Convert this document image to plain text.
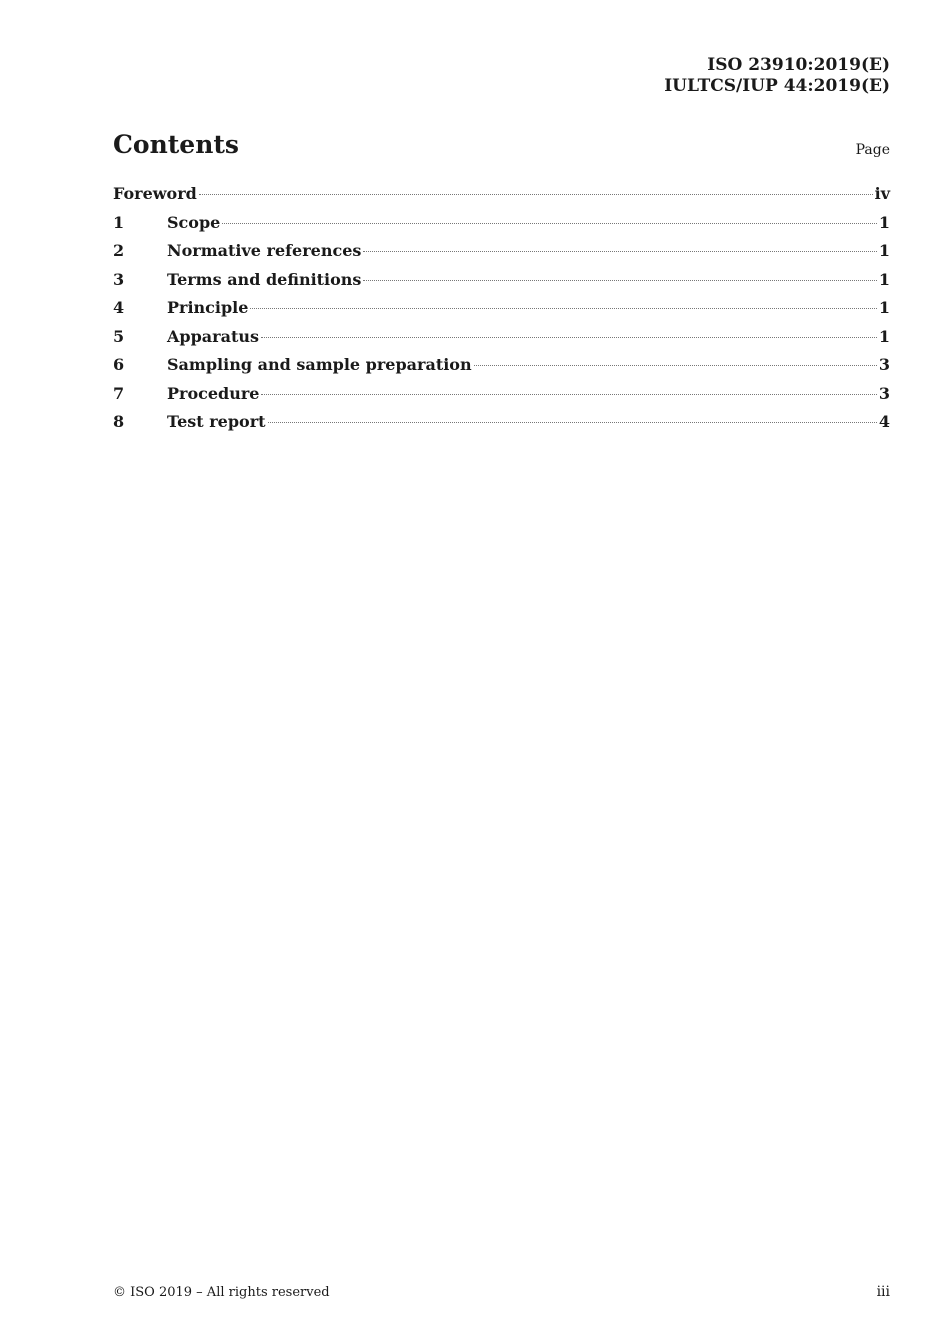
ISO 23910:2019(E)
IULTCS/IUP 44:2019(E)
Contents	Page
Foreword	iv
1	Scope	1
2	Normative references	1
3	Terms and definitions	1
4	Principle	1
5	Apparatus	1
6	Sampling and sample preparation	3
7	Procedure	3
8	Test report	4
© ISO 2019 – All rights reserved	iii
